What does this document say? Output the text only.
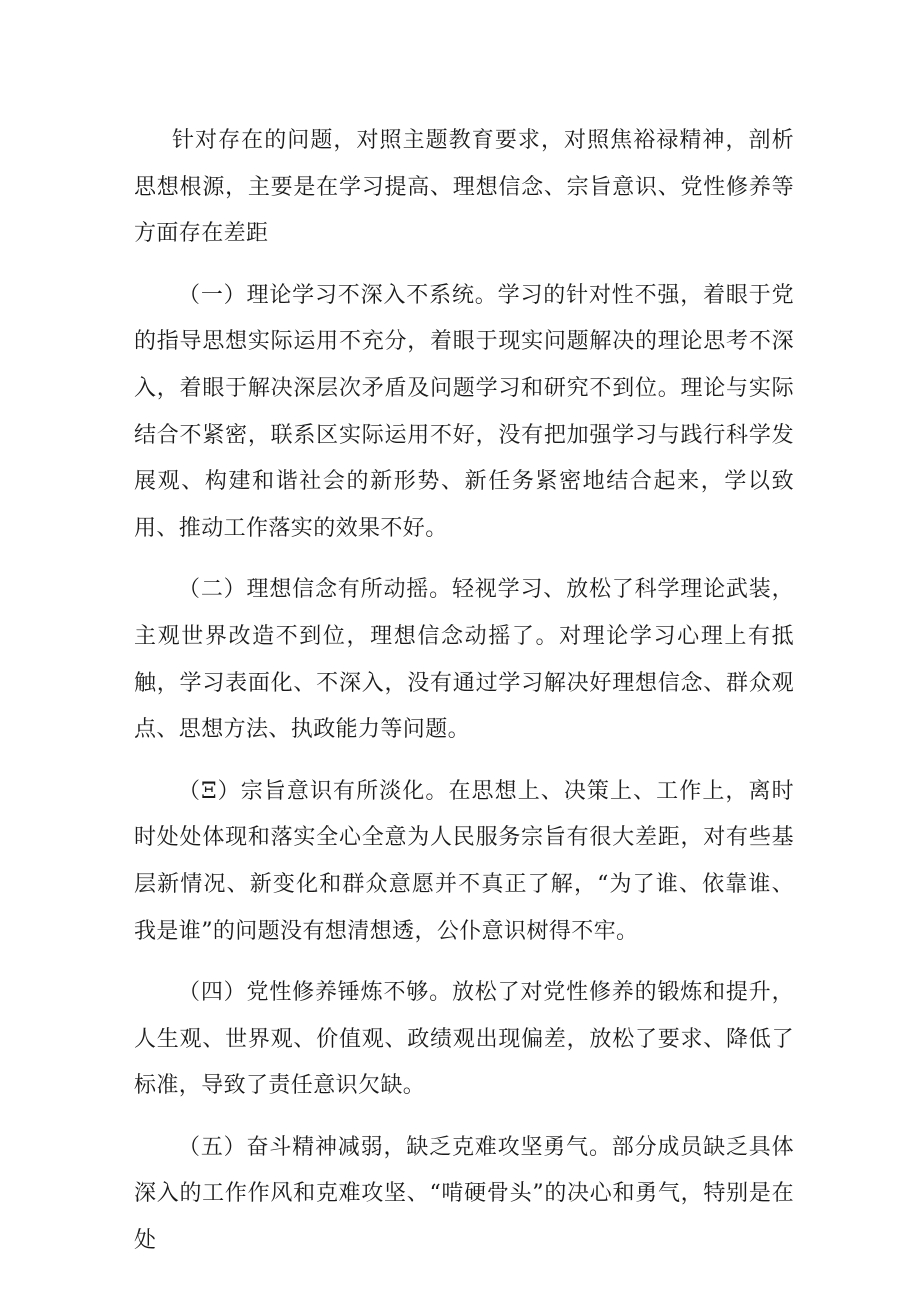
针对存在的问题，对照主题教育要求，对照焦裕禄精神，剖析思想根源，主要是在学习提高、理想信念、宗旨意识、党性修养等方面存在差距

（一）理论学习不深入不系统。学习的针对性不强，着眼于党的指导思想实际运用不充分，着眼于现实问题解决的理论思考不深入，着眼于解决深层次矛盾及问题学习和研究不到位。理论与实际结合不紧密，联系区实际运用不好，没有把加强学习与践行科学发展观、构建和谐社会的新形势、新任务紧密地结合起来，学以致用、推动工作落实的效果不好。

（二）理想信念有所动摇。轻视学习、放松了科学理论武装，主观世界改造不到位，理想信念动摇了。对理论学习心理上有抵触，学习表面化、不深入，没有通过学习解决好理想信念、群众观点、思想方法、执政能力等问题。

（Ξ）宗旨意识有所淡化。在思想上、决策上、工作上，离时时处处体现和落实全心全意为人民服务宗旨有很大差距，对有些基层新情况、新变化和群众意愿并不真正了解，“为了谁、依靠谁、我是谁”的问题没有想清想透，公仆意识树得不牢。

（四）党性修养锤炼不够。放松了对党性修养的锻炼和提升，人生观、世界观、价值观、政绩观出现偏差，放松了要求、降低了标准，导致了责任意识欠缺。

（五）奋斗精神减弱，缺乏克难攻坚勇气。部分成员缺乏具体深入的工作作风和克难攻坚、“啃硬骨头”的决心和勇气，特别是在处
